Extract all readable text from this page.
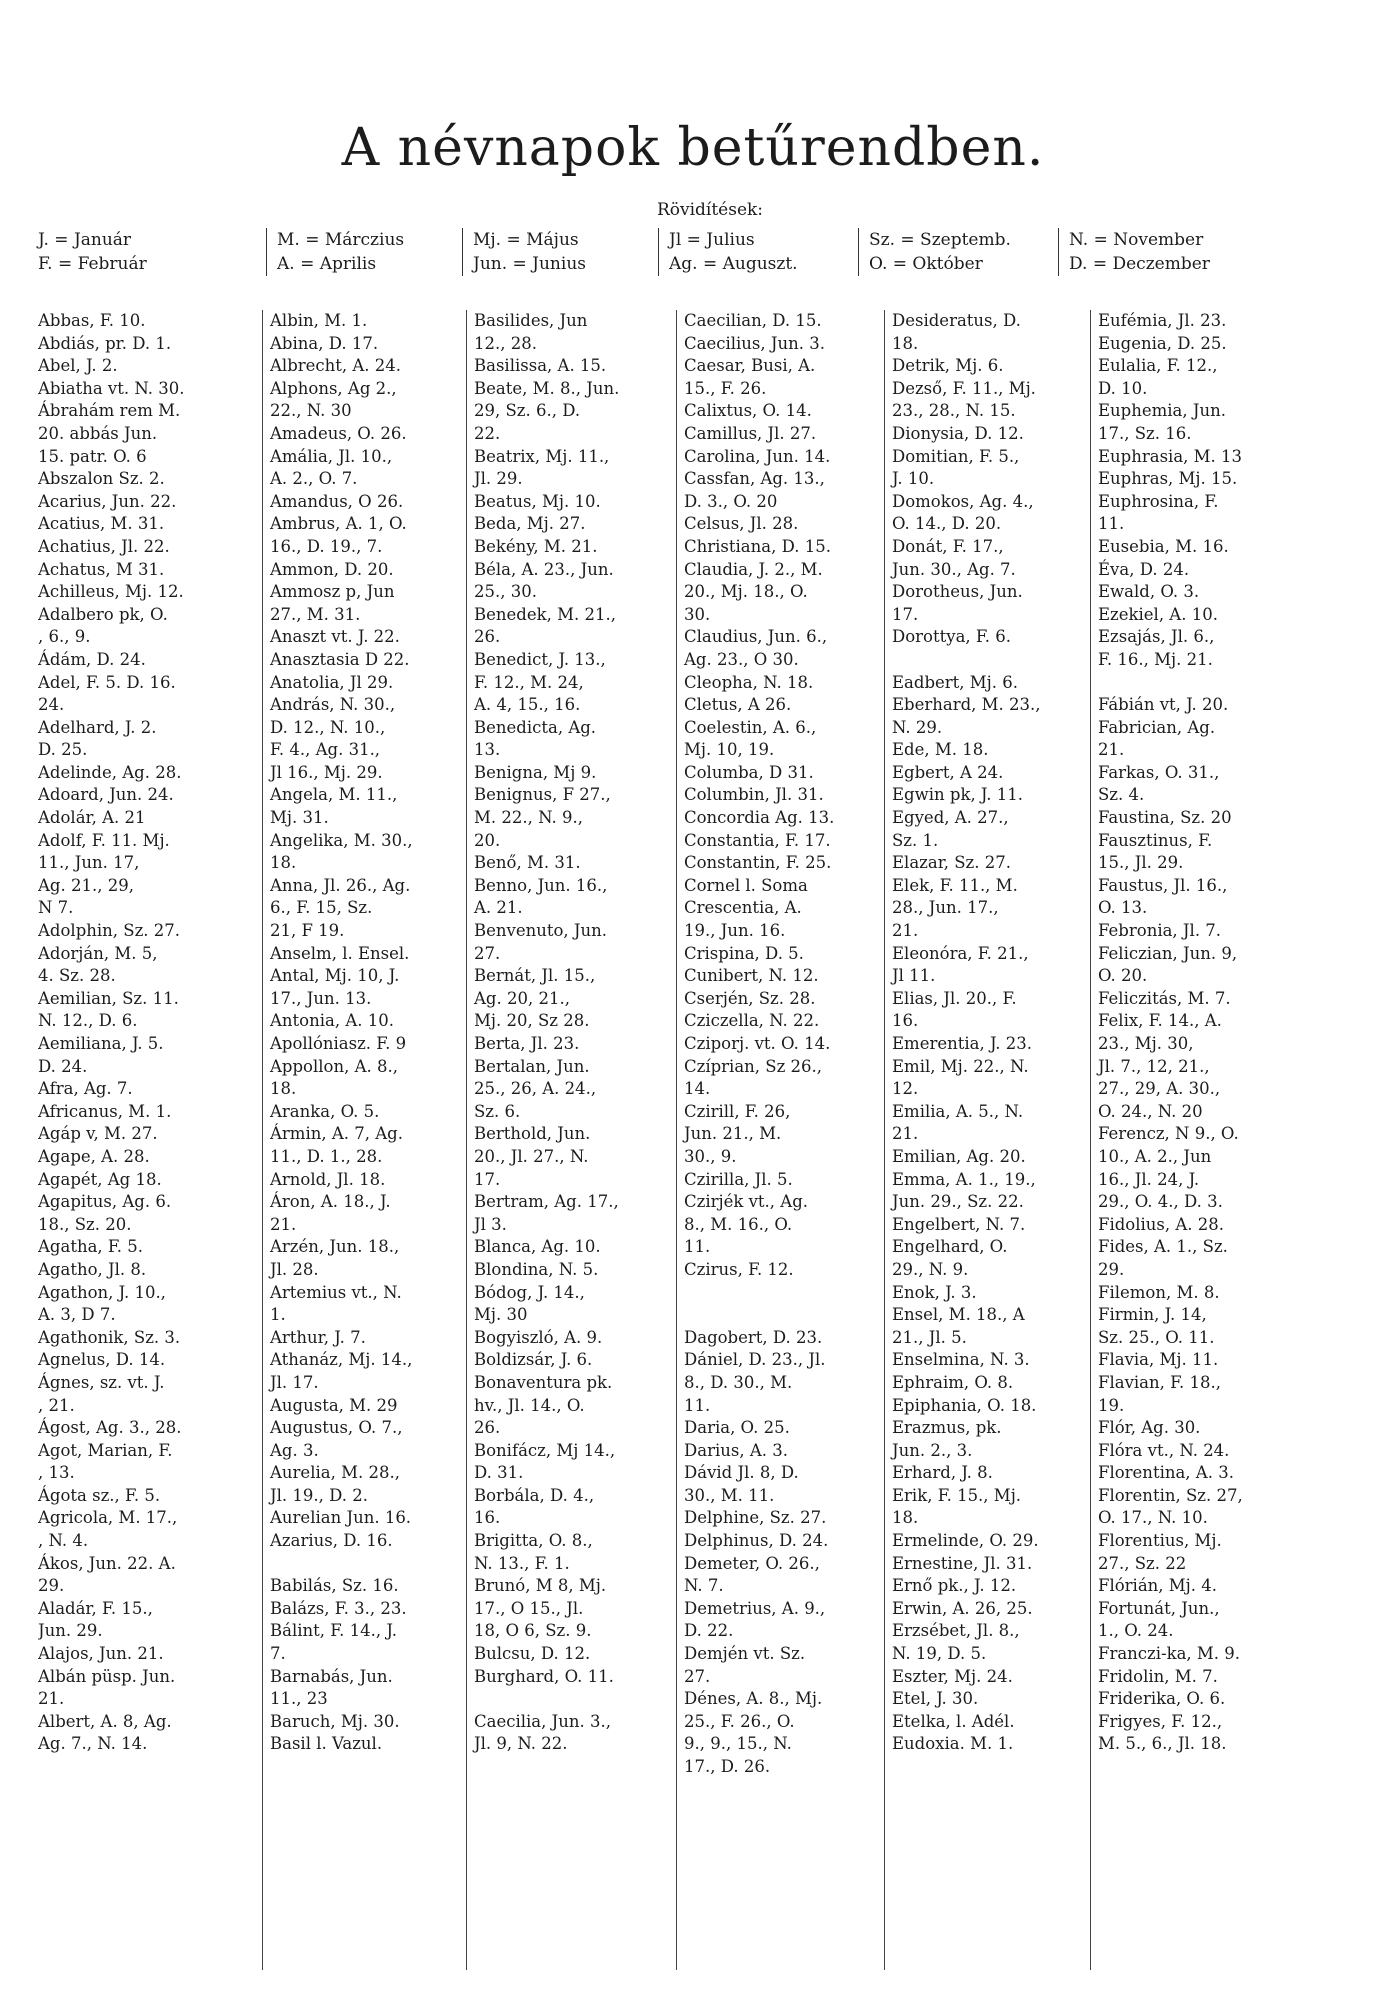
A névnapok betűrendben.
Rövidítések:
J. = Január
F. = Február
M. = Márczius
A. = Aprilis
Mj. = Május
Jun. = Junius
Jl = Julius
Ag. = Auguszt.
Sz. = Szeptemb.
O. = Október
N. = November
D. = Deczember
Abbas, F. 10.
Abdiás, pr. D. 1.
Abel, J. 2.
Abiatha vt. N. 30.
Ábrahám rem M.
20. abbás Jun.
15. patr. O. 6
Abszalon Sz. 2.
Acarius, Jun. 22.
Acatius, M. 31.
Achatius, Jl. 22.
Achatus, M 31.
Achilleus, Mj. 12.
Adalbero pk, O.
, 6., 9.
Ádám, D. 24.
Adel, F. 5. D. 16.
24.
Adelhard, J. 2.
D. 25.
Adelinde, Ag. 28.
Adoard, Jun. 24.
Adolár, A. 21
Adolf, F. 11. Mj.
11., Jun. 17,
Ag. 21., 29,
N 7.
Adolphin, Sz. 27.
Adorján, M. 5,
4. Sz. 28.
Aemilian, Sz. 11.
N. 12., D. 6.
Aemiliana, J. 5.
D. 24.
Afra, Ag. 7.
Africanus, M. 1.
Agáp v, M. 27.
Agape, A. 28.
Agapét, Ag 18.
Agapitus, Ag. 6.
18., Sz. 20.
Agatha, F. 5.
Agatho, Jl. 8.
Agathon, J. 10.,
A. 3, D 7.
Agathonik, Sz. 3.
Agnelus, D. 14.
Ágnes, sz. vt. J.
, 21.
Ágost, Ag. 3., 28.
Agot, Marian, F.
, 13.
Ágota sz., F. 5.
Agricola, M. 17.,
, N. 4.
Ákos, Jun. 22. A.
29.
Aladár, F. 15.,
Jun. 29.
Alajos, Jun. 21.
Albán püsp. Jun.
21.
Albert, A. 8, Ag.
Ag. 7., N. 14.
Albin, M. 1.
Abina, D. 17.
Albrecht, A. 24.
Alphons, Ag 2.,
22., N. 30
Amadeus, O. 26.
Amália, Jl. 10.,
A. 2., O. 7.
Amandus, O 26.
Ambrus, A. 1, O.
16., D. 19., 7.
Ammon, D. 20.
Ammosz p, Jun
27., M. 31.
Anaszt vt. J. 22.
Anasztasia D 22.
Anatolia, Jl 29.
András, N. 30.,
D. 12., N. 10.,
F. 4., Ag. 31.,
Jl 16., Mj. 29.
Angela, M. 11.,
Mj. 31.
Angelika, M. 30.,
18.
Anna, Jl. 26., Ag.
6., F. 15, Sz.
21, F 19.
Anselm, l. Ensel.
Antal, Mj. 10, J.
17., Jun. 13.
Antonia, A. 10.
Apollóniasz. F. 9
Appollon, A. 8.,
18.
Aranka, O. 5.
Ármin, A. 7, Ag.
11., D. 1., 28.
Arnold, Jl. 18.
Áron, A. 18., J.
21.
Arzén, Jun. 18.,
Jl. 28.
Artemius vt., N.
1.
Arthur, J. 7.
Athanáz, Mj. 14.,
Jl. 17.
Augusta, M. 29
Augustus, O. 7.,
Ag. 3.
Aurelia, M. 28.,
Jl. 19., D. 2.
Aurelian Jun. 16.
Azarius, D. 16.
Babilás, Sz. 16.
Balázs, F. 3., 23.
Bálint, F. 14., J.
7.
Barnabás, Jun.
11., 23
Baruch, Mj. 30.
Basil l. Vazul.
Basilides, Jun
12., 28.
Basilissa, A. 15.
Beate, M. 8., Jun.
29, Sz. 6., D.
22.
Beatrix, Mj. 11.,
Jl. 29.
Beatus, Mj. 10.
Beda, Mj. 27.
Bekény, M. 21.
Béla, A. 23., Jun.
25., 30.
Benedek, M. 21.,
26.
Benedict, J. 13.,
F. 12., M. 24,
A. 4, 15., 16.
Benedicta, Ag.
13.
Benigna, Mj 9.
Benignus, F 27.,
M. 22., N. 9.,
20.
Benő, M. 31.
Benno, Jun. 16.,
A. 21.
Benvenuto, Jun.
27.
Bernát, Jl. 15.,
Ag. 20, 21.,
Mj. 20, Sz 28.
Berta, Jl. 23.
Bertalan, Jun.
25., 26, A. 24.,
Sz. 6.
Berthold, Jun.
20., Jl. 27., N.
17.
Bertram, Ag. 17.,
Jl 3.
Blanca, Ag. 10.
Blondina, N. 5.
Bódog, J. 14.,
Mj. 30
Bogyiszló, A. 9.
Boldizsár, J. 6.
Bonaventura pk.
hv., Jl. 14., O.
26.
Bonifácz, Mj 14.,
D. 31.
Borbála, D. 4.,
16.
Brigitta, O. 8.,
N. 13., F. 1.
Brunó, M 8, Mj.
17., O 15., Jl.
18, O 6, Sz. 9.
Bulcsu, D. 12.
Burghard, O. 11.
Caecilia, Jun. 3.,
Jl. 9, N. 22.
Caecilian, D. 15.
Caecilius, Jun. 3.
Caesar, Busi, A.
15., F. 26.
Calixtus, O. 14.
Camillus, Jl. 27.
Carolina, Jun. 14.
Cassfan, Ag. 13.,
D. 3., O. 20
Celsus, Jl. 28.
Christiana, D. 15.
Claudia, J. 2., M.
20., Mj. 18., O.
30.
Claudius, Jun. 6.,
Ag. 23., O 30.
Cleopha, N. 18.
Cletus, A 26.
Coelestin, A. 6.,
Mj. 10, 19.
Columba, D 31.
Columbin, Jl. 31.
Concordia Ag. 13.
Constantia, F. 17.
Constantin, F. 25.
Cornel l. Soma
Crescentia, A.
19., Jun. 16.
Crispina, D. 5.
Cunibert, N. 12.
Cserjén, Sz. 28.
Cziczella, N. 22.
Cziporj. vt. O. 14.
Czíprian, Sz 26.,
14.
Czirill, F. 26,
Jun. 21., M.
30., 9.
Czirilla, Jl. 5.
Czirjék vt., Ag.
8., M. 16., O.
11.
Czirus, F. 12.
Dagobert, D. 23.
Dániel, D. 23., Jl.
8., D. 30., M.
11.
Daria, O. 25.
Darius, A. 3.
Dávid Jl. 8, D.
30., M. 11.
Delphine, Sz. 27.
Delphinus, D. 24.
Demeter, O. 26.,
N. 7.
Demetrius, A. 9.,
D. 22.
Demjén vt. Sz.
27.
Dénes, A. 8., Mj.
25., F. 26., O.
9., 9., 15., N.
17., D. 26.
Desideratus, D.
18.
Detrik, Mj. 6.
Dezső, F. 11., Mj.
23., 28., N. 15.
Dionysia, D. 12.
Domitian, F. 5.,
J. 10.
Domokos, Ag. 4.,
O. 14., D. 20.
Donát, F. 17.,
Jun. 30., Ag. 7.
Dorotheus, Jun.
17.
Dorottya, F. 6.
Eadbert, Mj. 6.
Eberhard, M. 23.,
N. 29.
Ede, M. 18.
Egbert, A 24.
Egwin pk, J. 11.
Egyed, A. 27.,
Sz. 1.
Elazar, Sz. 27.
Elek, F. 11., M.
28., Jun. 17.,
21.
Eleonóra, F. 21.,
Jl 11.
Elias, Jl. 20., F.
16.
Emerentia, J. 23.
Emil, Mj. 22., N.
12.
Emilia, A. 5., N.
21.
Emilian, Ag. 20.
Emma, A. 1., 19.,
Jun. 29., Sz. 22.
Engelbert, N. 7.
Engelhard, O.
29., N. 9.
Enok, J. 3.
Ensel, M. 18., A
21., Jl. 5.
Enselmina, N. 3.
Ephraim, O. 8.
Epiphania, O. 18.
Erazmus, pk.
Jun. 2., 3.
Erhard, J. 8.
Erik, F. 15., Mj.
18.
Ermelinde, O. 29.
Ernestine, Jl. 31.
Ernő pk., J. 12.
Erwin, A. 26, 25.
Erzsébet, Jl. 8.,
N. 19, D. 5.
Eszter, Mj. 24.
Etel, J. 30.
Etelka, l. Adél.
Eudoxia. M. 1.
Eufémia, Jl. 23.
Eugenia, D. 25.
Eulalia, F. 12.,
D. 10.
Euphemia, Jun.
17., Sz. 16.
Euphrasia, M. 13
Euphras, Mj. 15.
Euphrosina, F.
11.
Eusebia, M. 16.
Éva, D. 24.
Ewald, O. 3.
Ezekiel, A. 10.
Ezsajás, Jl. 6.,
F. 16., Mj. 21.
Fábián vt, J. 20.
Fabrician, Ag.
21.
Farkas, O. 31.,
Sz. 4.
Faustina, Sz. 20
Fausztinus, F.
15., Jl. 29.
Faustus, Jl. 16.,
O. 13.
Febronia, Jl. 7.
Feliczian, Jun. 9,
O. 20.
Feliczitás, M. 7.
Felix, F. 14., A.
23., Mj. 30,
Jl. 7., 12, 21.,
27., 29, A. 30.,
O. 24., N. 20
Ferencz, N 9., O.
10., A. 2., Jun
16., Jl. 24, J.
29., O. 4., D. 3.
Fidolius, A. 28.
Fides, A. 1., Sz.
29.
Filemon, M. 8.
Firmin, J. 14,
Sz. 25., O. 11.
Flavia, Mj. 11.
Flavian, F. 18.,
19.
Flór, Ag. 30.
Flóra vt., N. 24.
Florentina, A. 3.
Florentin, Sz. 27,
O. 17., N. 10.
Florentius, Mj.
27., Sz. 22
Flórián, Mj. 4.
Fortunát, Jun.,
1., O. 24.
Franczi-ka, M. 9.
Fridolin, M. 7.
Friderika, O. 6.
Frigyes, F. 12.,
M. 5., 6., Jl. 18.
